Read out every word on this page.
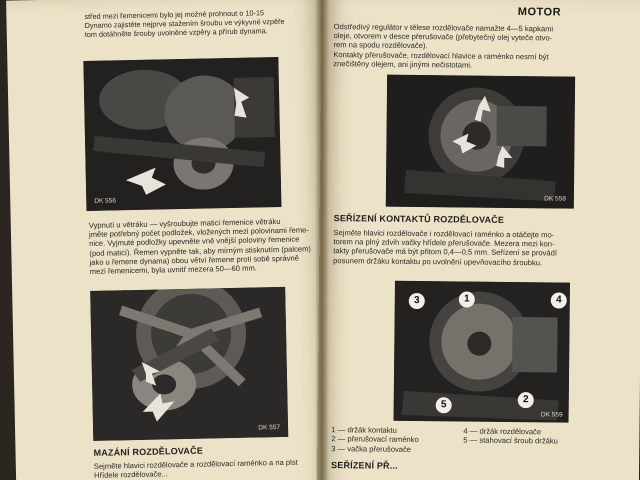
střed mezi řemenicemi bylo jej možné prohnout o 10-15
Dynamo zajistěte nejprve stažením šroubu ve výkyvné vzpěře
tom dotáhněte šrouby uvolněné vzpěry a přírub dynama.
DK 556
Vypnutí u větráku — vyšroubujte matici řemenice větráku
jměte potřebný počet podložek, vložených mezi polovinami řeme-
nice. Vyjmuté podložky upevněte vně vnější poloviny řemenice
(pod maticí). Řemen vypněte tak, aby mírným stisknutím (palcem)
jako u řemene dynama) obou větví řemene proti sobě správně
mezi řemenicemi, byla uvnitř mezera 50—60 mm.
DK 557
MAZÁNÍ ROZDĚLOVAČE
Sejměte hlavici rozdělovače a rozdělovací raménko a na plst
Hřídele rozdělovače...
MOTOR
Odstředivý regulátor v tělese rozdělovače namažte 4—5 kapkami
oleje, otvorem v desce přerušovače (přebytečný olej vyteče otvo-
rem na spodu rozdělovače).
Kontakty přerušovače, rozdělovací hlavice a raménko nesmí být
znečištěny olejem, ani jinými nečistotami.
DK 558
SEŘÍZENÍ KONTAKTŮ ROZDĚLOVAČE
Sejměte hlavici rozdělovače i rozdělovací raménko a otáčejte mo-
torem na plný zdvih vačky hřídele přerušovače. Mezera mezi kon-
takty přerušovače má být přitom 0,4—0,5 mm. Seřízení se provádí
posunem držáku kontaktu po uvolnění upevňovacího šroubku.
1
2
3	4
5
DK 559
1 — držák kontaktu
2 — přerušovací raménko
3 — vačka přerušovače
4 — držák rozdělovače
5 — stahovací šroub držáku
SEŘÍZENÍ PŘ...
